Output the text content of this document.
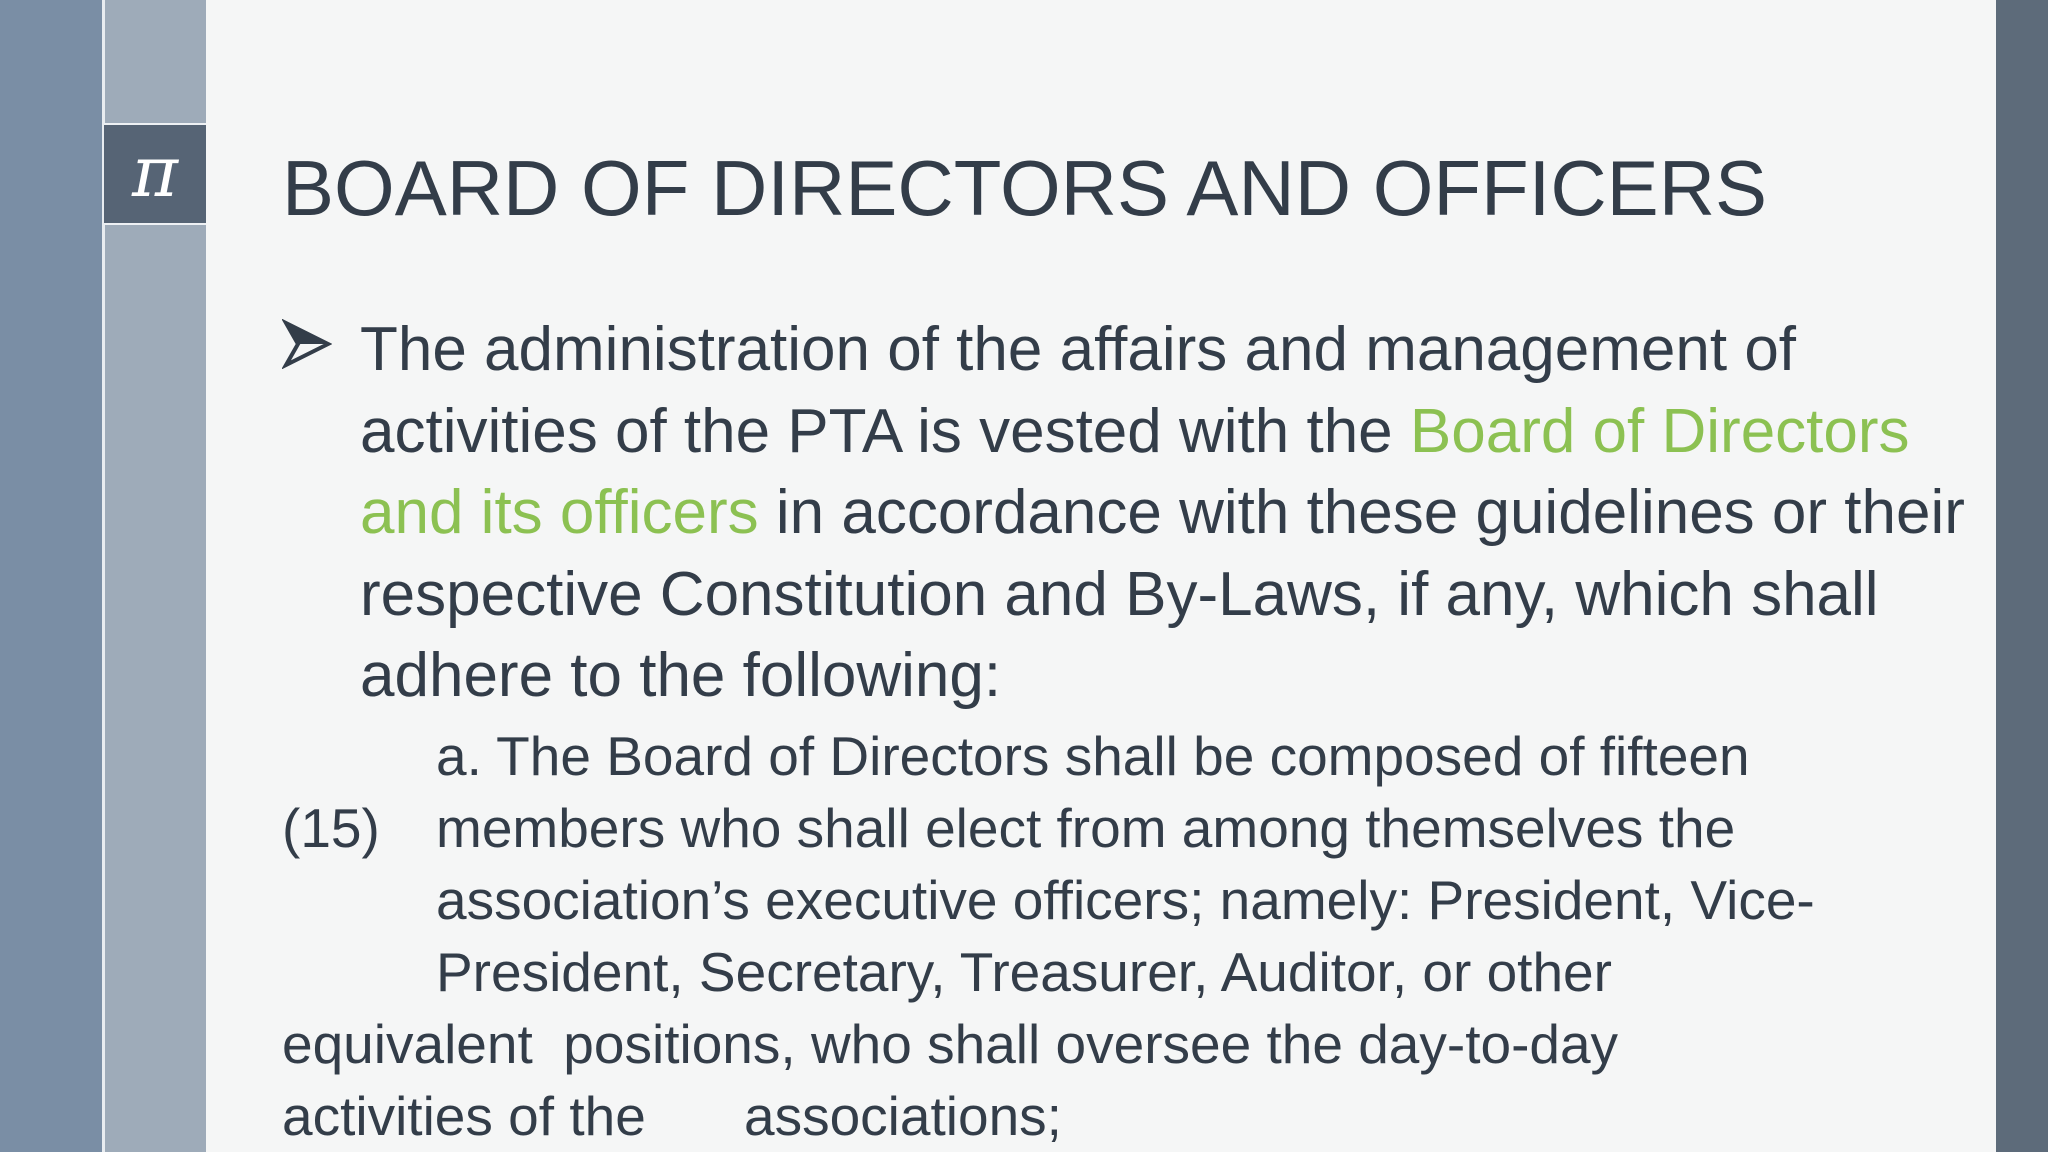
π	BOARD OF DIRECTORS AND OFFICERS

The administration of the affairs and management of activities of the PTA is vested with the Board of Directors and its officers in accordance with these guidelines or their respective Constitution and By-Laws, if any, which shall adhere to the following:

a. The Board of Directors shall be composed of fifteen
(15) members who shall elect from among themselves the
association’s executive officers; namely: President, Vice-
President, Secretary, Treasurer, Auditor, or other
equivalent  positions, who shall oversee the day-to-day
activities of the associations;
